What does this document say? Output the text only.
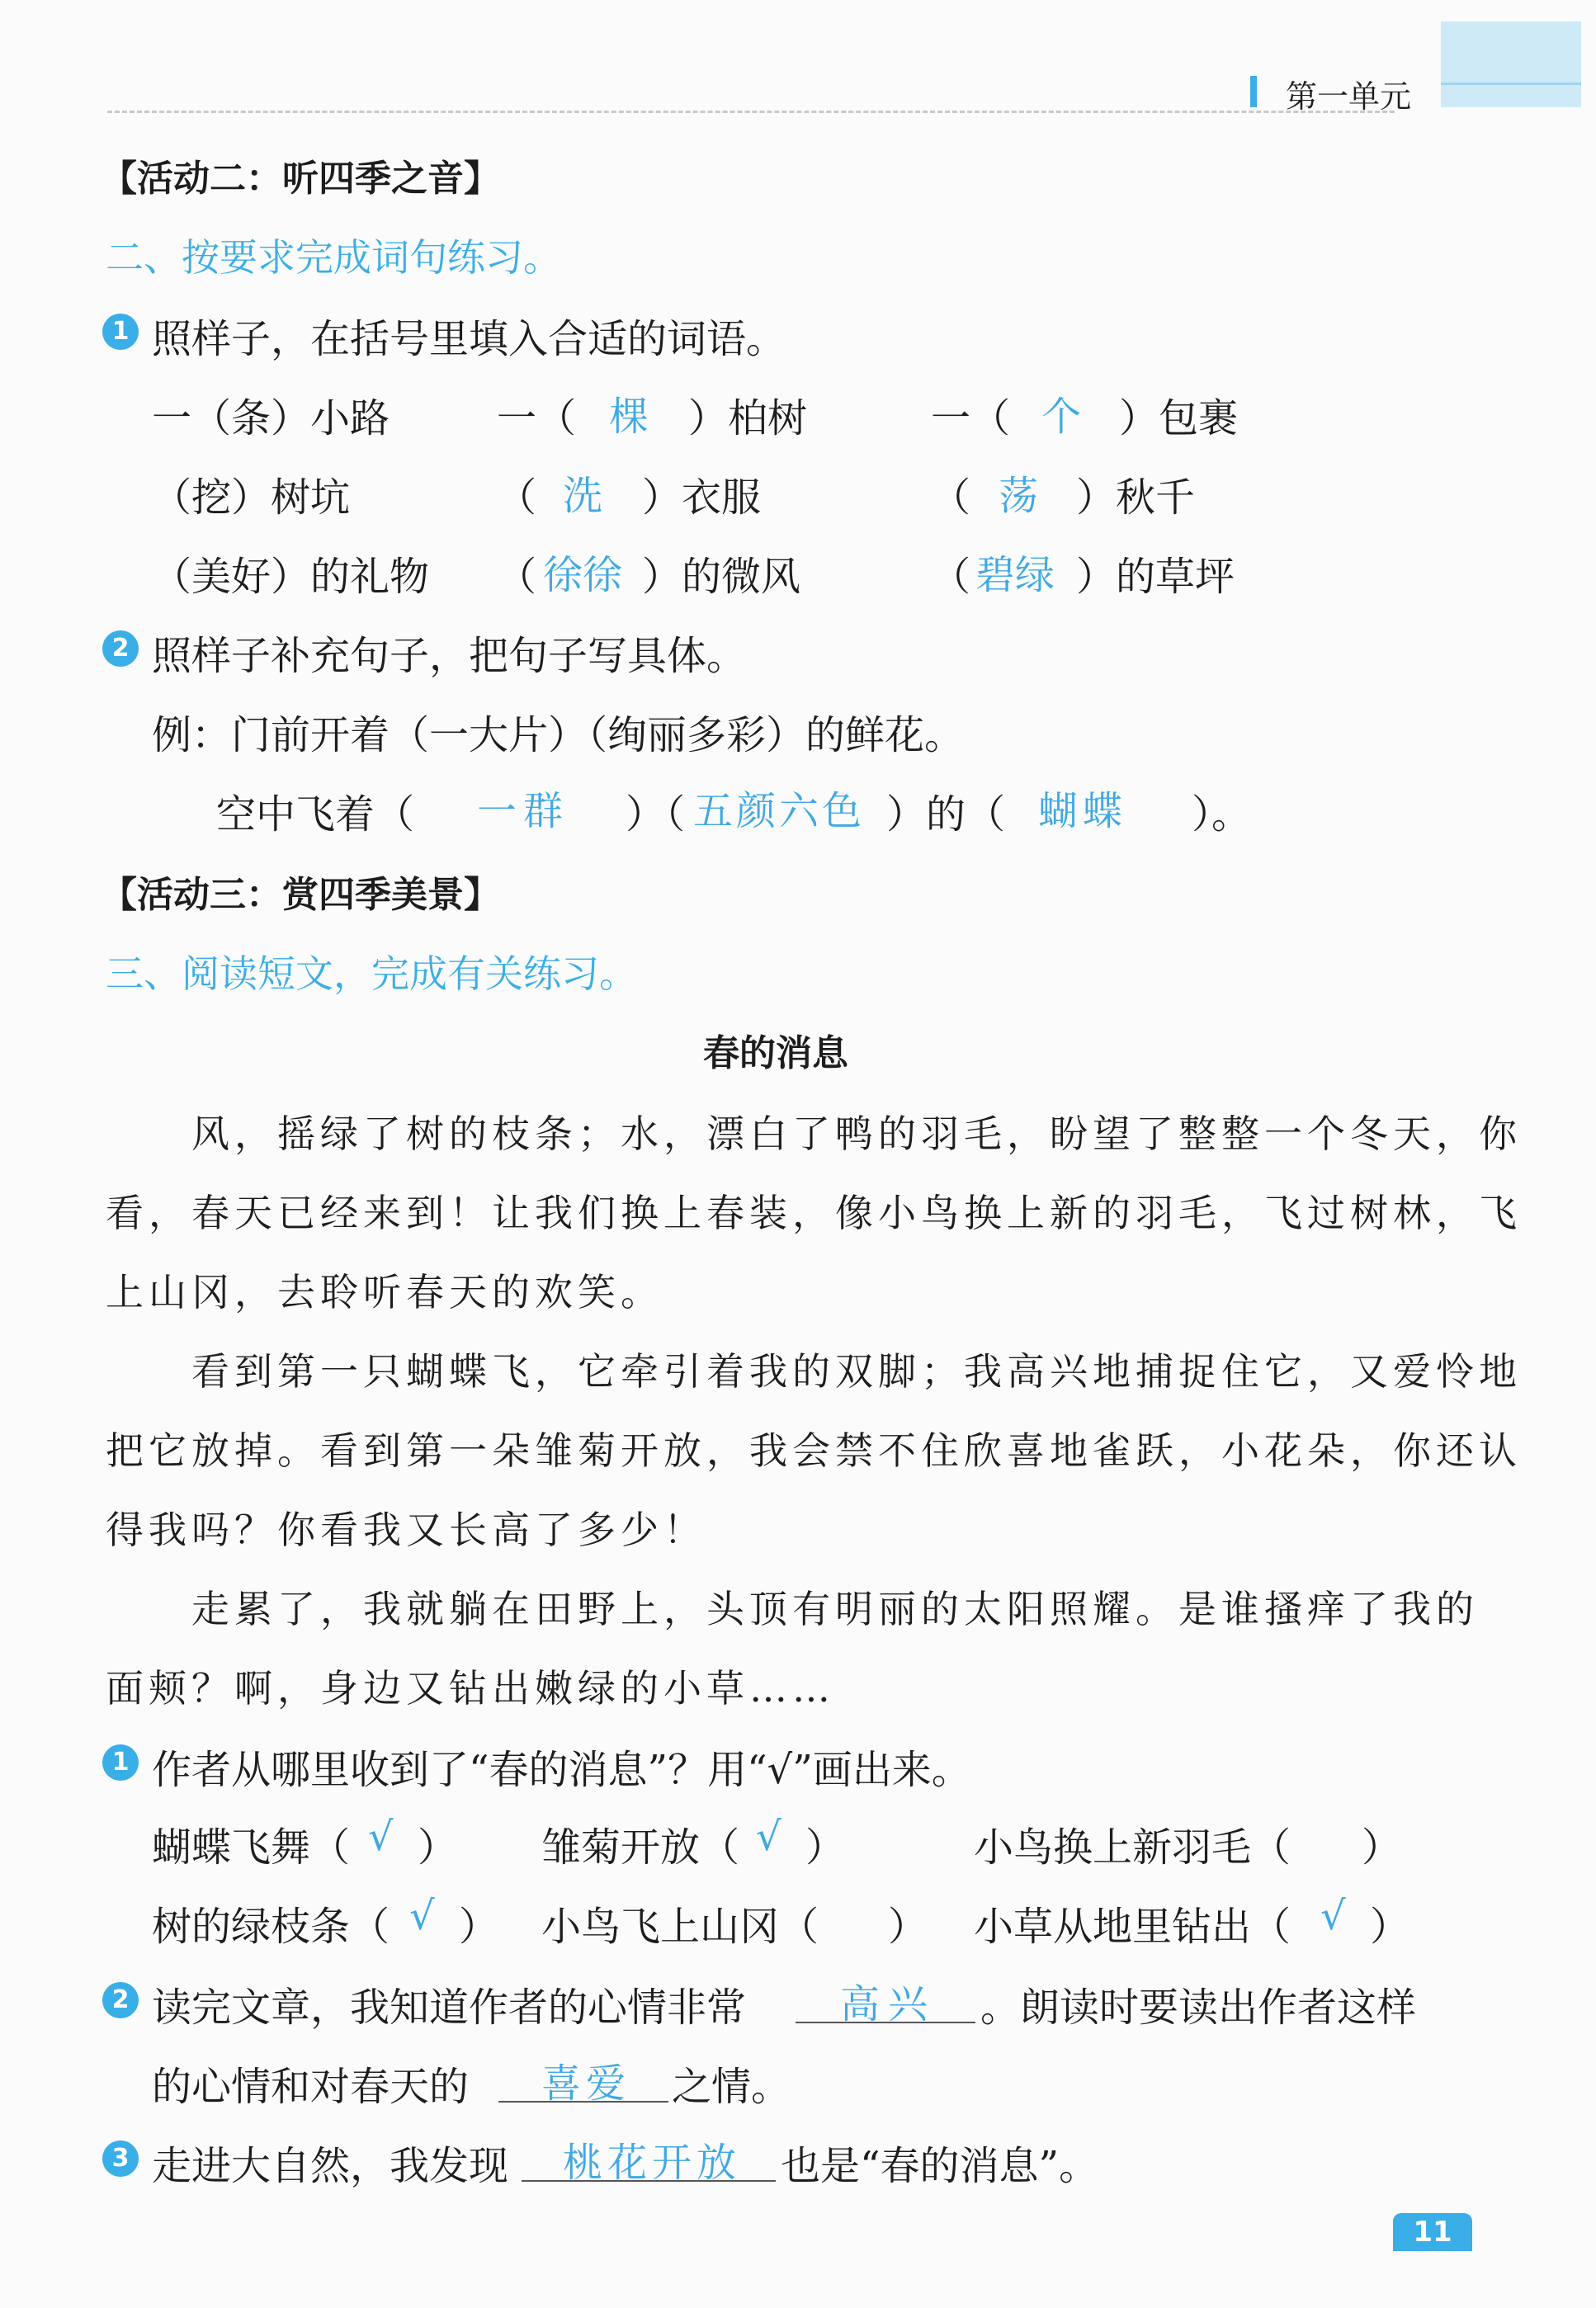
第一单元
【活动二：听四季之音】
二、按要求完成词句练习。
1 照样子，在括号里填入合适的词语。
一（条）小路	一（ 棵 ）柏树	一（ 个 ）包裹
（挖）树坑	（ 洗 ）衣服	（ 荡 ）秋千
（美好）的礼物 （ 徐徐 ）的微风	（ 碧绿 ）的草坪
2 照样子补充句子，把句子写具体。
例：门前开着（一大片）（绚丽多彩）的鲜花。
空中飞着（ 一群 ）（ 五颜六色 ）的（ 蝴蝶 ）。
【活动三：赏四季美景】
三、阅读短文，完成有关练习。
春的消息
风，摇绿了树的枝条；水，漂白了鸭的羽毛，盼望了整整一个冬天，你
看，春天已经来到！让我们换上春装，像小鸟换上新的羽毛，飞过树林，飞
上山冈，去聆听春天的欢笑。
看到第一只蝴蝶飞，它牵引着我的双脚；我高兴地捕捉住它，又爱怜地
把它放掉。看到第一朵雏菊开放，我会禁不住欣喜地雀跃，小花朵，你还认
得我吗？你看我又长高了多少！
走累了，我就躺在田野上，头顶有明丽的太阳照耀。是谁搔痒了我的
面颊？啊，身边又钻出嫩绿的小草……
1 作者从哪里收到了“春的消息”？用“√”画出来。
蝴蝶飞舞（ √ ） 雏菊开放（ √ ）	小鸟换上新羽毛（ ）
树的绿枝条（ √ ） 小鸟飞上山冈（ ） 小草从地里钻出（ √ ）
2 读完文章，我知道作者的心情非常 高兴 。朗读时要读出作者这样
的心情和对春天的 喜爱 之情。
3 走进大自然，我发现 桃花开放 也是“春的消息”。
11
